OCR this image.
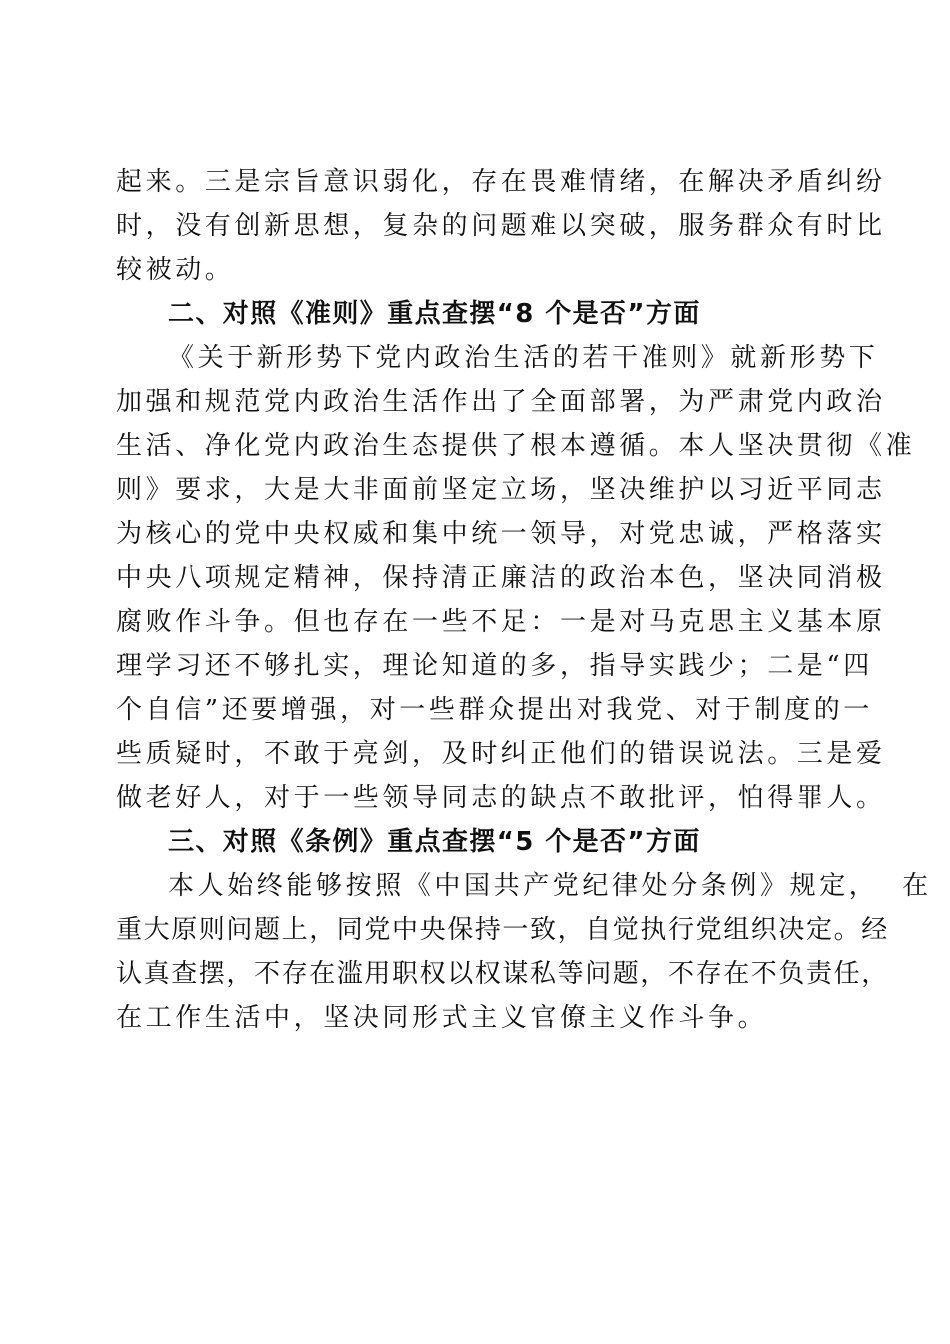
起来。三是宗旨意识弱化，存在畏难情绪，在解决矛盾纠纷
时，没有创新思想，复杂的问题难以突破，服务群众有时比
较被动。
二、对照《准则》重点查摆“8 个是否”方面
《关于新形势下党内政治生活的若干准则》就新形势下
加强和规范党内政治生活作出了全面部署，为严肃党内政治
生活、净化党内政治生态提供了根本遵循。本人坚决贯彻《准
则》要求，大是大非面前坚定立场，坚决维护以习近平同志
为核心的党中央权威和集中统一领导，对党忠诚，严格落实
中央八项规定精神，保持清正廉洁的政治本色，坚决同消极
腐败作斗争。但也存在一些不足：一是对马克思主义基本原
理学习还不够扎实，理论知道的多，指导实践少；二是“四
个自信”还要增强，对一些群众提出对我党、对于制度的一
些质疑时，不敢于亮剑，及时纠正他们的错误说法。三是爱
做老好人，对于一些领导同志的缺点不敢批评，怕得罪人。
三、对照《条例》重点查摆“5 个是否”方面
本人始终能够按照《中国共产党纪律处分条例》规定，  在
重大原则问题上，同党中央保持一致，自觉执行党组织决定。经
认真查摆，不存在滥用职权以权谋私等问题，不存在不负责任，
在工作生活中，坚决同形式主义官僚主义作斗争。
